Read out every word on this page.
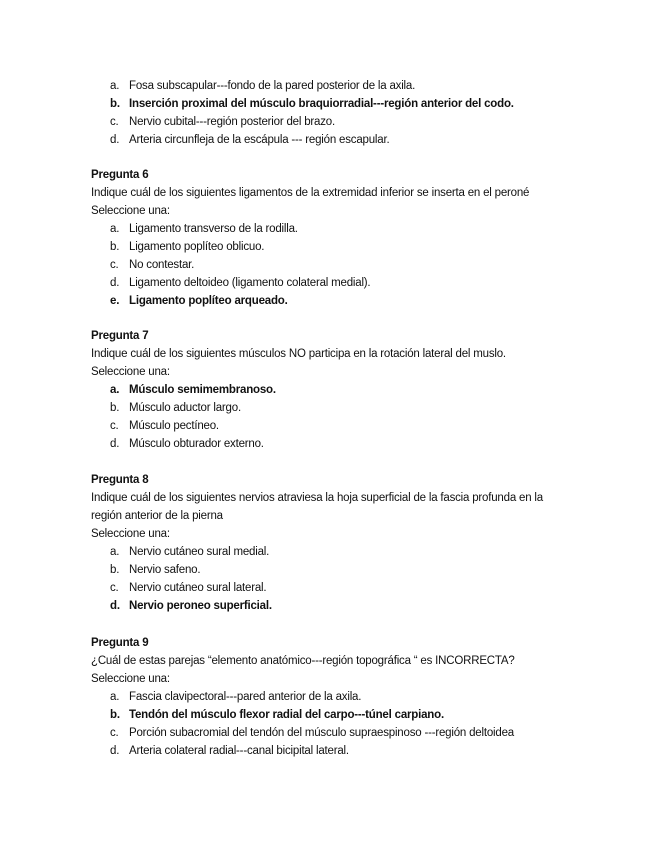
a. Fosa subscapular---fondo de la pared posterior de la axila.
b. Inserción proximal del músculo braquiorradial---región anterior del codo.
c. Nervio cubital---región posterior del brazo.
d. Arteria circunfleja de la escápula --- región escapular.
Pregunta 6
Indique cuál de los siguientes ligamentos de la extremidad inferior se inserta en el peroné
Seleccione una:
a. Ligamento transverso de la rodilla.
b. Ligamento poplíteo oblicuo.
c. No contestar.
d. Ligamento deltoideo (ligamento colateral medial).
e. Ligamento poplíteo arqueado.
Pregunta 7
Indique cuál de los siguientes músculos NO participa en la rotación lateral del muslo.
Seleccione una:
a. Músculo semimembranoso.
b. Músculo aductor largo.
c. Músculo pectíneo.
d. Músculo obturador externo.
Pregunta 8
Indique cuál de los siguientes nervios atraviesa la hoja superficial de la fascia profunda en la región anterior de la pierna
Seleccione una:
a. Nervio cutáneo sural medial.
b. Nervio safeno.
c. Nervio cutáneo sural lateral.
d. Nervio peroneo superficial.
Pregunta 9
¿Cuál de estas parejas “elemento anatómico---región topográfica “ es INCORRECTA?
Seleccione una:
a. Fascia clavipectoral---pared anterior de la axila.
b. Tendón del músculo flexor radial del carpo---túnel carpiano.
c. Porción subacromial del tendón del músculo supraespinoso ---región deltoidea
d. Arteria colateral radial---canal bicipital lateral.
